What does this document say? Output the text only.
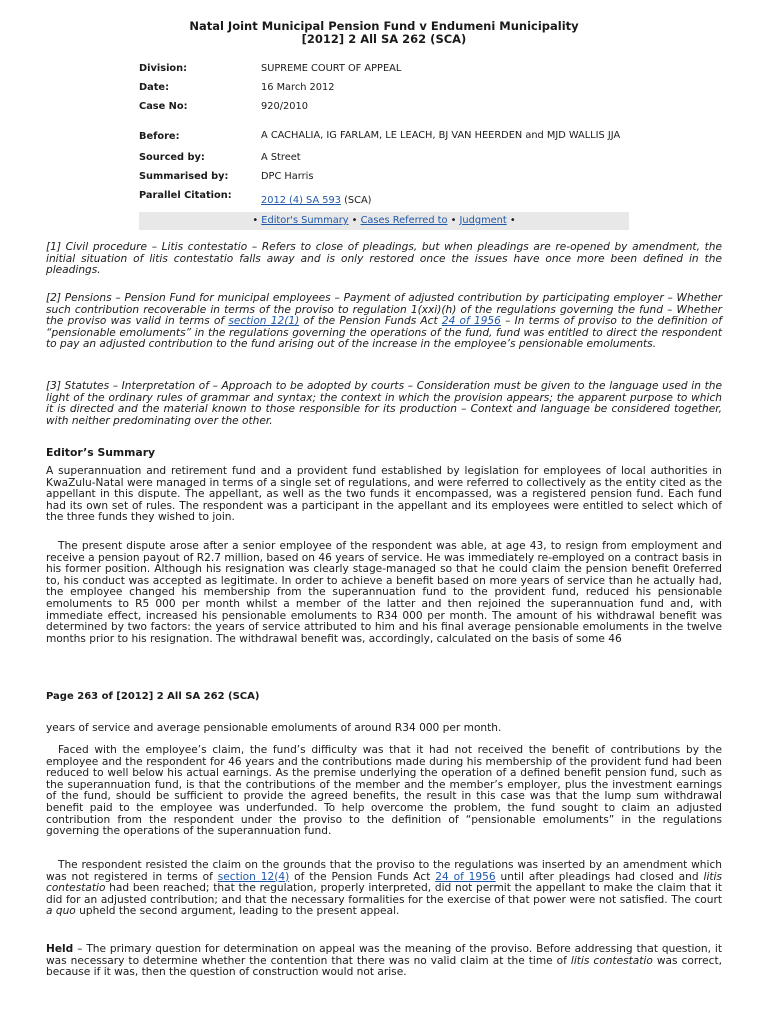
Natal Joint Municipal Pension Fund v Endumeni Municipality
[2012] 2 All SA 262 (SCA)
Division:	SUPREME COURT OF APPEAL
Date:	16 March 2012
Case No:	920/2010
Before:	A CACHALIA, IG FARLAM, LE LEACH, BJ VAN HEERDEN and MJD WALLIS JJA
Sourced by:	A Street
Summarised by:	DPC Harris
Parallel Citation:	2012 (4) SA 593 (SCA)
• Editor's Summary • Cases Referred to • Judgment •
[1] Civil procedure – Litis contestatio – Refers to close of pleadings, but when pleadings are re-opened by amendment, the initial situation of litis contestatio falls away and is only restored once the issues have once more been defined in the pleadings.
[2] Pensions – Pension Fund for municipal employees – Payment of adjusted contribution by participating employer – Whether such contribution recoverable in terms of the proviso to regulation 1(xxi)(h) of the regulations governing the fund – Whether the proviso was valid in terms of section 12(1) of the Pension Funds Act 24 of 1956 – In terms of proviso to the definition of “pensionable emoluments” in the regulations governing the operations of the fund, fund was entitled to direct the respondent to pay an adjusted contribution to the fund arising out of the increase in the employee’s pensionable emoluments.
[3] Statutes – Interpretation of – Approach to be adopted by courts – Consideration must be given to the language used in the light of the ordinary rules of grammar and syntax; the context in which the provision appears; the apparent purpose to which it is directed and the material known to those responsible for its production – Context and language be considered together, with neither predominating over the other.
Editor’s Summary
A superannuation and retirement fund and a provident fund established by legislation for employees of local authorities in KwaZulu-Natal were managed in terms of a single set of regulations, and were referred to collectively as the entity cited as the appellant in this dispute. The appellant, as well as the two funds it encompassed, was a registered pension fund. Each fund had its own set of rules. The respondent was a participant in the appellant and its employees were entitled to select which of the three funds they wished to join.
The present dispute arose after a senior employee of the respondent was able, at age 43, to resign from employment and receive a pension payout of R2.7 million, based on 46 years of service. He was immediately re-employed on a contract basis in his former position. Although his resignation was clearly stage-managed so that he could claim the pension benefit 0referred to, his conduct was accepted as legitimate. In order to achieve a benefit based on more years of service than he actually had, the employee changed his membership from the superannuation fund to the provident fund, reduced his pensionable emoluments to R5 000 per month whilst a member of the latter and then rejoined the superannuation fund and, with immediate effect, increased his pensionable emoluments to R34 000 per month. The amount of his withdrawal benefit was determined by two factors: the years of service attributed to him and his final average pensionable emoluments in the twelve months prior to his resignation. The withdrawal benefit was, accordingly, calculated on the basis of some 46
Page 263 of [2012] 2 All SA 262 (SCA)
years of service and average pensionable emoluments of around R34 000 per month.
Faced with the employee’s claim, the fund’s difficulty was that it had not received the benefit of contributions by the employee and the respondent for 46 years and the contributions made during his membership of the provident fund had been reduced to well below his actual earnings. As the premise underlying the operation of a defined benefit pension fund, such as the superannuation fund, is that the contributions of the member and the member’s employer, plus the investment earnings of the fund, should be sufficient to provide the agreed benefits, the result in this case was that the lump sum withdrawal benefit paid to the employee was underfunded. To help overcome the problem, the fund sought to claim an adjusted contribution from the respondent under the proviso to the definition of “pensionable emoluments” in the regulations governing the operations of the superannuation fund.
The respondent resisted the claim on the grounds that the proviso to the regulations was inserted by an amendment which was not registered in terms of section 12(4) of the Pension Funds Act 24 of 1956 until after pleadings had closed and litis contestatio had been reached; that the regulation, properly interpreted, did not permit the appellant to make the claim that it did for an adjusted contribution; and that the necessary formalities for the exercise of that power were not satisfied. The court a quo upheld the second argument, leading to the present appeal.
Held – The primary question for determination on appeal was the meaning of the proviso. Before addressing that question, it was necessary to determine whether the contention that there was no valid claim at the time of litis contestatio was correct, because if it was, then the question of construction would not arise.
